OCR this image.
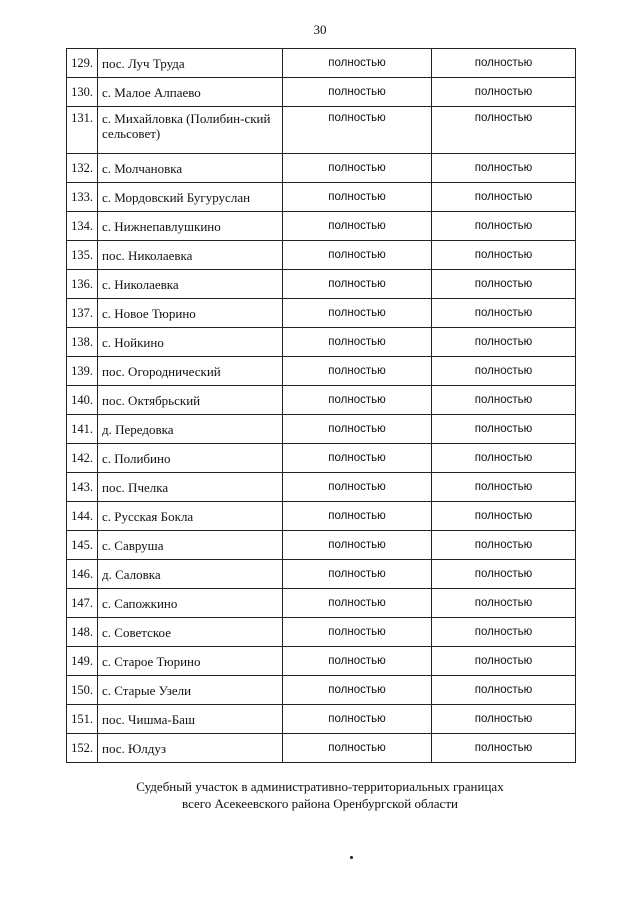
30
129.	пос. Луч Труда	полностью	полностью
130.	с. Малое Алпаево	полностью	полностью
131.	с. Михайловка (Полибин-ский сельсовет)	полностью	полностью
132.	с. Молчановка	полностью	полностью
133.	с. Мордовский Бугуруслан	полностью	полностью
134.	с. Нижнепавлушкино	полностью	полностью
135.	пос. Николаевка	полностью	полностью
136.	с. Николаевка	полностью	полностью
137.	с. Новое Тюрино	полностью	полностью
138.	с. Нойкино	полностью	полностью
139.	пос. Огороднический	полностью	полностью
140.	пос. Октябрьский	полностью	полностью
141.	д. Передовка	полностью	полностью
142.	с. Полибино	полностью	полностью
143.	пос. Пчелка	полностью	полностью
144.	с. Русская Бокла	полностью	полностью
145.	с. Савруша	полностью	полностью
146.	д. Саловка	полностью	полностью
147.	с. Сапожкино	полностью	полностью
148.	с. Советское	полностью	полностью
149.	с. Старое Тюрино	полностью	полностью
150.	с. Старые Узели	полностью	полностью
151.	пос. Чишма-Баш	полностью	полностью
152.	пос. Юлдуз	полностью	полностью
Судебный участок в административно-территориальных границах
всего Асекеевского района Оренбургской области
